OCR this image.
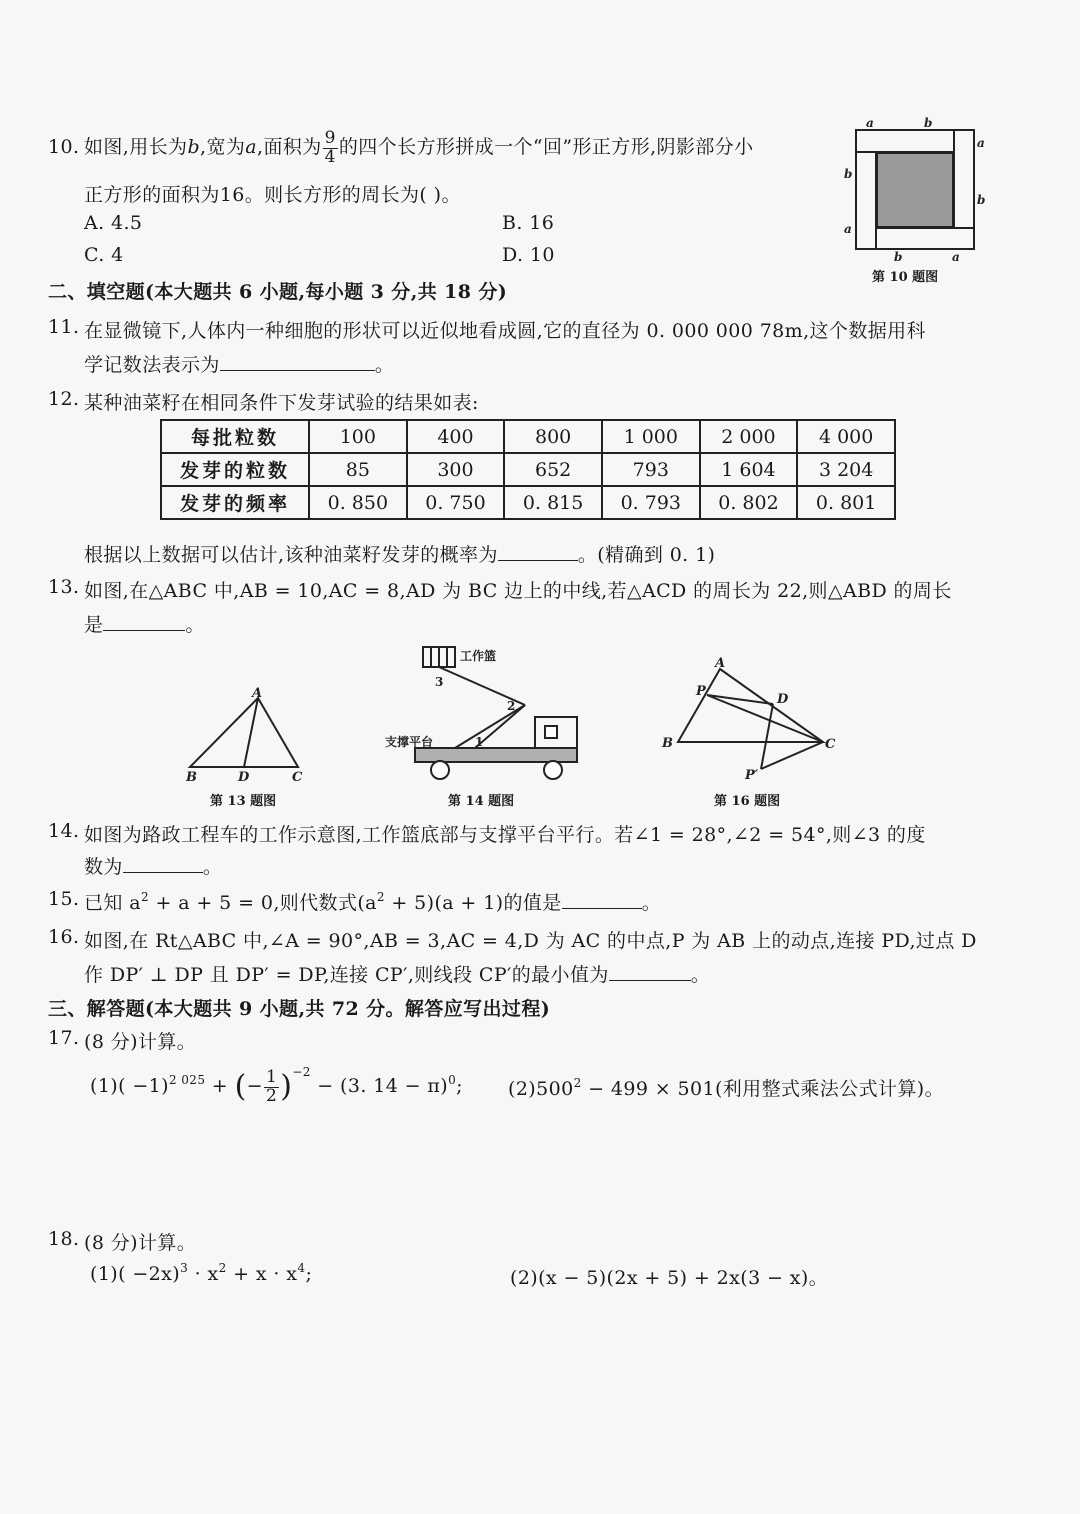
10. 如图,用长为b,宽为a,面积为 $\frac{9}{4}$ 的四个长方形拼成一个“回”形正方形,阴影部分小
正方形的面积为16。则长方形的周长为( )。
A. 4.5	B. 16
C. 4	D. 10
a	b
a
b
b
a
b	a
第 10 题图
二、填空题(本大题共 6 小题,每小题 3 分,共 18 分)
11. 在显微镜下,人体内一种细胞的形状可以近似地看成圆,它的直径为 0. 000 000 78m,这个数据用科
学记数法表示为	。
12. 某种油菜籽在相同条件下发芽试验的结果如表:
每批粒数	100	400	800	1 000	2 000	4 000
发芽的粒数	85	300	652	793	1 604	3 204
发芽的频率	0. 850	0. 750	0. 815	0. 793	0. 802	0. 801
根据以上数据可以估计,该种油菜籽发芽的概率为	。(精确到 0. 1)
13. 如图,在△ABC 中,AB = 10,AC = 8,AD 为 BC 边上的中线,若△ACD 的周长为 22,则△ABD 的周长
是	。
A
B	D	C
第 13 题图
工作篮
支撑平台
3
2
1
第 14 题图
A
P
D
B	C
P′
第 16 题图
14. 如图为路政工程车的工作示意图,工作篮底部与支撑平台平行。若∠1 = 28°,∠2 = 54°,则∠3 的度
数为	。
15. 已知 $a^2 + a + 5 = 0$,则代数式$(a^2 + 5)(a + 1)$的值是	。
16. 如图,在 Rt△ABC 中,∠A = 90°,AB = 3,AC = 4,D 为 AC 的中点,P 为 AB 上的动点,连接 PD,过点 D
作 DP′ ⊥ DP 且 DP′ = DP,连接 CP′,则线段 CP′的最小值为	。
三、解答题(本大题共 9 小题,共 72 分。解答应写出过程)
17. (8 分)计算。
$(1)( -1)^{2 025}$ + (− $\frac{1}{2} )^{-2} - (3$. 14 − π)$^0$; $(2)500^2 - 499 \times 501$(利用整式乘法公式计算)。
18. (8 分)计算。
$(1)( -2x)^3 \cdot x^2 + x \cdot x^4$;	(2)(x − 5)(2x + 5) + 2x(3 − x)。
